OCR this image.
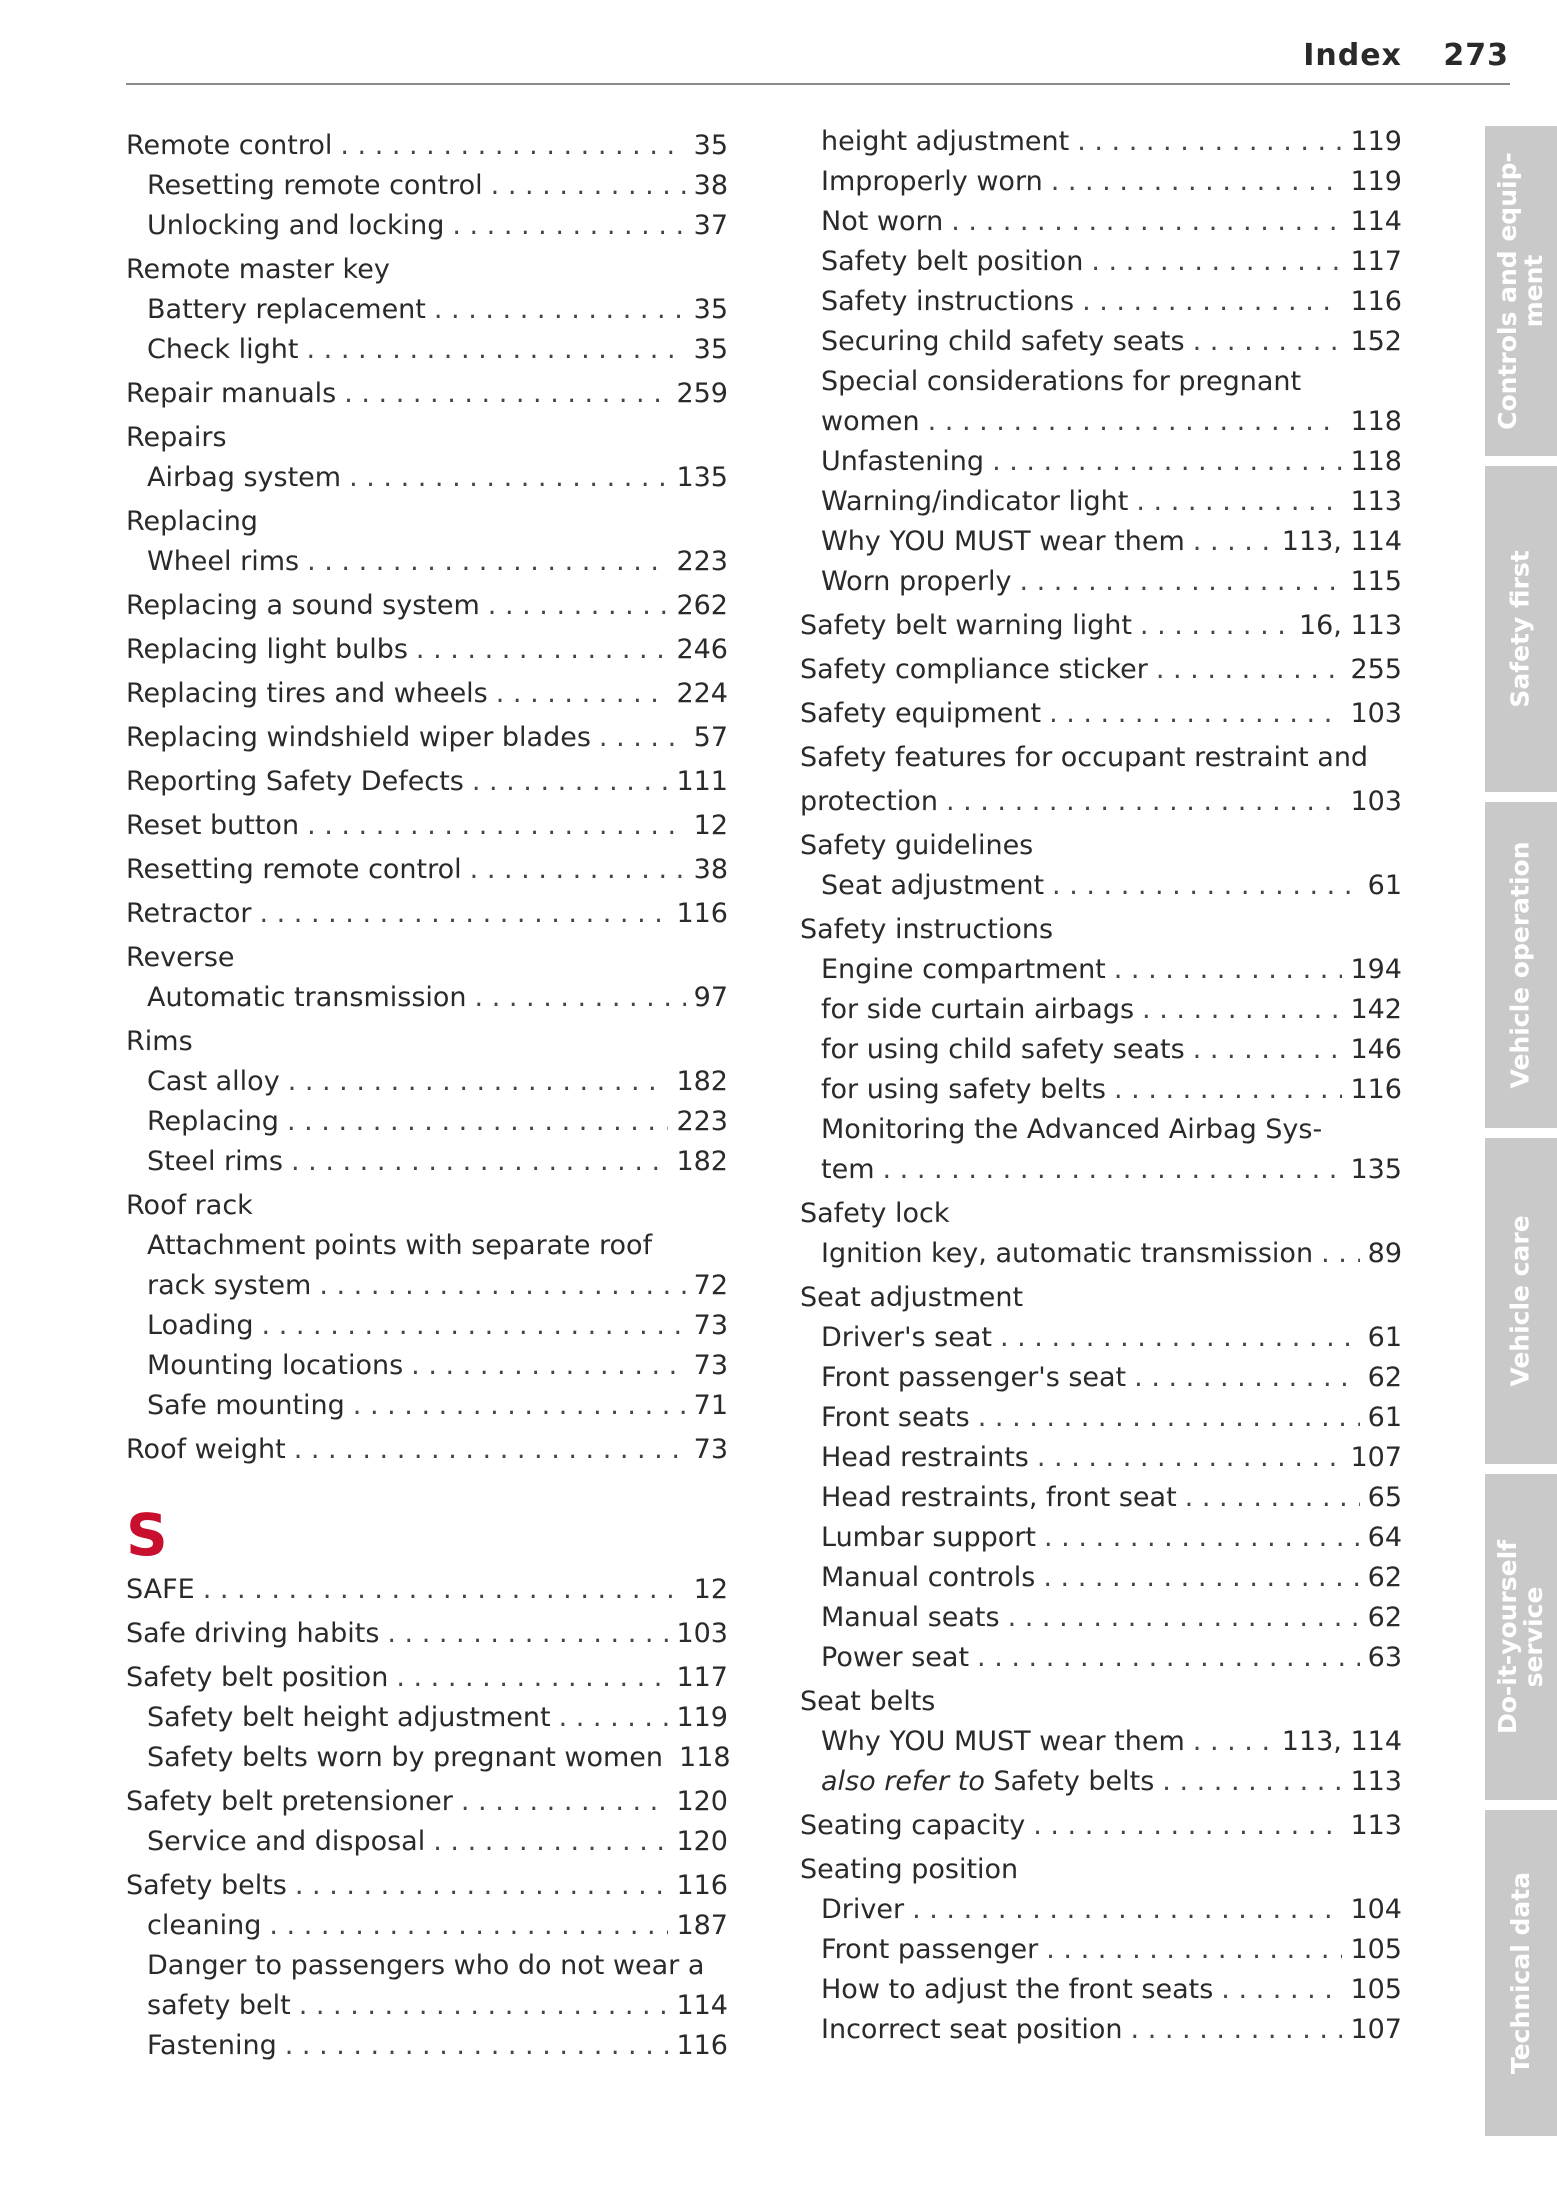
Index 273
Remote control . . .	35
Resetting remote control . . .	38
Unlocking and locking . . .	37
Remote master key
Battery replacement . . .	35
Check light . . .	35
Repair manuals . . .	259
Repairs
Airbag system . . .	135
Replacing
Wheel rims . . .	223
Replacing a sound system . . .	262
Replacing light bulbs . . .	246
Replacing tires and wheels . . .	224
Replacing windshield wiper blades . . .	57
Reporting Safety Defects . . .	111
Reset button . . .	12
Resetting remote control . . .	38
Retractor . . .	116
Reverse
Automatic transmission . . .	97
Rims
Cast alloy . . .	182
Replacing . . .	223
Steel rims . . .	182
Roof rack
Attachment points with separate roof
rack system . . .	72
Loading . . .	73
Mounting locations . . .	73
Safe mounting . . .	71
Roof weight . . .	73
S
SAFE . . .	12
Safe driving habits . . .	103
Safety belt position . . .	117
Safety belt height adjustment . . .	119
Safety belts worn by pregnant women 118
Safety belt pretensioner . . .	120
Service and disposal . . .	120
Safety belts . . .	116
cleaning . . .	187
Danger to passengers who do not wear a
safety belt . . .	114
Fastening . . .	116
height adjustment . . .	119
Improperly worn . . .	119
Not worn . . .	114
Safety belt position . . .	117
Safety instructions . . .	116
Securing child safety seats . . .	152
Special considerations for pregnant
women . . .	118
Unfastening . . .	118
Warning/indicator light . . .	113
Why YOU MUST wear them . . .	113, 114
Worn properly . . .	115
Safety belt warning light . . .	16, 113
Safety compliance sticker . . .	255
Safety equipment . . .	103
Safety features for occupant restraint and
protection . . .	103
Safety guidelines
Seat adjustment . . .	61
Safety instructions
Engine compartment . . .	194
for side curtain airbags . . .	142
for using child safety seats . . .	146
for using safety belts . . .	116
Monitoring the Advanced Airbag Sys-
tem . . .	135
Safety lock
Ignition key, automatic transmission . . . 89
Seat adjustment
Driver's seat . . .	61
Front passenger's seat . . .	62
Front seats . . .	61
Head restraints . . .	107
Head restraints, front seat . . .	65
Lumbar support . . .	64
Manual controls . . .	62
Manual seats . . .	62
Power seat . . .	63
Seat belts
Why YOU MUST wear them . . .	113, 114
also refer to Safety belts . . .	113
Seating capacity . . .	113
Seating position
Driver . . .	104
Front passenger . . .	105
How to adjust the front seats . . .	105
Incorrect seat position . . .	107
Controls and equip-
ment
Safety first
Vehicle operation
Vehicle care
Do-it-yourself
service
Technical data
